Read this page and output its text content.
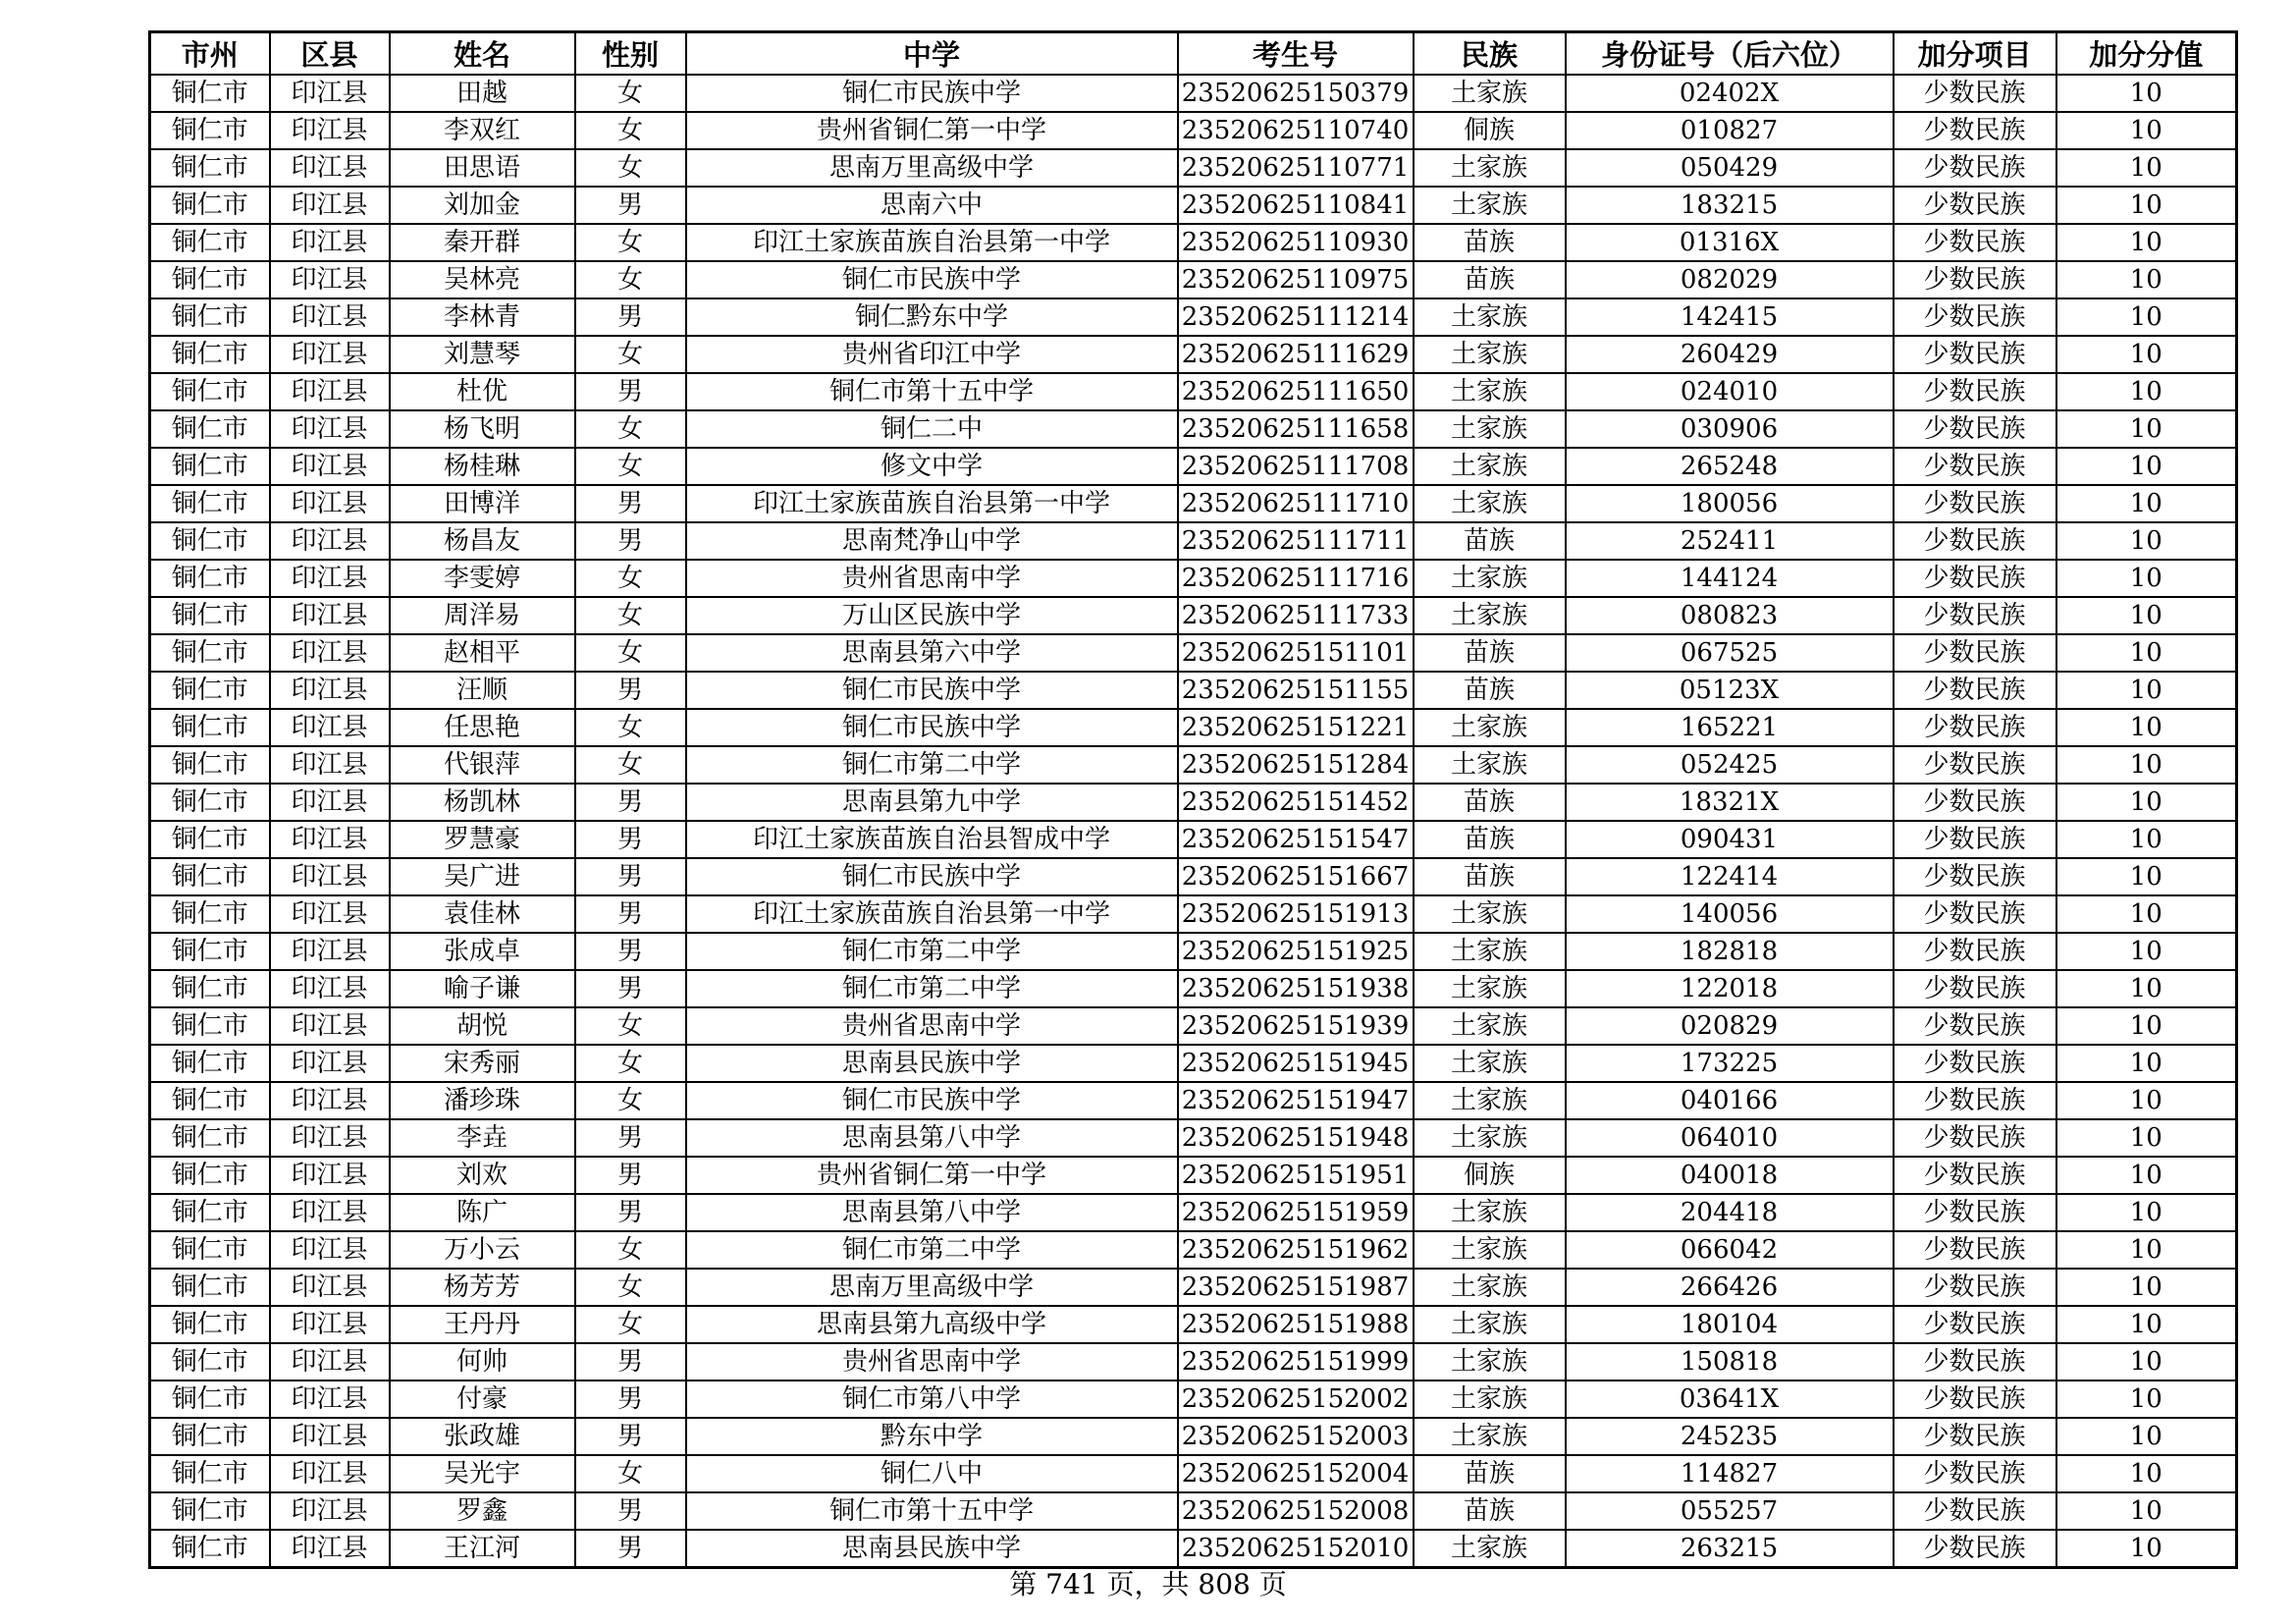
市州	区县	姓名	性别	中学	考生号	民族	身份证号（后六位）	加分项目	加分分值
铜仁市	印江县	田越	女	铜仁市民族中学	23520625150379	土家族	02402X	少数民族	10
铜仁市	印江县	李双红	女	贵州省铜仁第一中学	23520625110740	侗族	010827	少数民族	10
铜仁市	印江县	田思语	女	思南万里高级中学	23520625110771	土家族	050429	少数民族	10
铜仁市	印江县	刘加金	男	思南六中	23520625110841	土家族	183215	少数民族	10
铜仁市	印江县	秦开群	女	印江土家族苗族自治县第一中学	23520625110930	苗族	01316X	少数民族	10
铜仁市	印江县	吴林亮	女	铜仁市民族中学	23520625110975	苗族	082029	少数民族	10
铜仁市	印江县	李林青	男	铜仁黔东中学	23520625111214	土家族	142415	少数民族	10
铜仁市	印江县	刘慧琴	女	贵州省印江中学	23520625111629	土家族	260429	少数民族	10
铜仁市	印江县	杜优	男	铜仁市第十五中学	23520625111650	土家族	024010	少数民族	10
铜仁市	印江县	杨飞明	女	铜仁二中	23520625111658	土家族	030906	少数民族	10
铜仁市	印江县	杨桂琳	女	修文中学	23520625111708	土家族	265248	少数民族	10
铜仁市	印江县	田博洋	男	印江土家族苗族自治县第一中学	23520625111710	土家族	180056	少数民族	10
铜仁市	印江县	杨昌友	男	思南梵净山中学	23520625111711	苗族	252411	少数民族	10
铜仁市	印江县	李雯婷	女	贵州省思南中学	23520625111716	土家族	144124	少数民族	10
铜仁市	印江县	周洋易	女	万山区民族中学	23520625111733	土家族	080823	少数民族	10
铜仁市	印江县	赵相平	女	思南县第六中学	23520625151101	苗族	067525	少数民族	10
铜仁市	印江县	汪顺	男	铜仁市民族中学	23520625151155	苗族	05123X	少数民族	10
铜仁市	印江县	任思艳	女	铜仁市民族中学	23520625151221	土家族	165221	少数民族	10
铜仁市	印江县	代银萍	女	铜仁市第二中学	23520625151284	土家族	052425	少数民族	10
铜仁市	印江县	杨凯林	男	思南县第九中学	23520625151452	苗族	18321X	少数民族	10
铜仁市	印江县	罗慧豪	男	印江土家族苗族自治县智成中学	23520625151547	苗族	090431	少数民族	10
铜仁市	印江县	吴广进	男	铜仁市民族中学	23520625151667	苗族	122414	少数民族	10
铜仁市	印江县	袁佳林	男	印江土家族苗族自治县第一中学	23520625151913	土家族	140056	少数民族	10
铜仁市	印江县	张成卓	男	铜仁市第二中学	23520625151925	土家族	182818	少数民族	10
铜仁市	印江县	喻子谦	男	铜仁市第二中学	23520625151938	土家族	122018	少数民族	10
铜仁市	印江县	胡悦	女	贵州省思南中学	23520625151939	土家族	020829	少数民族	10
铜仁市	印江县	宋秀丽	女	思南县民族中学	23520625151945	土家族	173225	少数民族	10
铜仁市	印江县	潘珍珠	女	铜仁市民族中学	23520625151947	土家族	040166	少数民族	10
铜仁市	印江县	李垚	男	思南县第八中学	23520625151948	土家族	064010	少数民族	10
铜仁市	印江县	刘欢	男	贵州省铜仁第一中学	23520625151951	侗族	040018	少数民族	10
铜仁市	印江县	陈广	男	思南县第八中学	23520625151959	土家族	204418	少数民族	10
铜仁市	印江县	万小云	女	铜仁市第二中学	23520625151962	土家族	066042	少数民族	10
铜仁市	印江县	杨芳芳	女	思南万里高级中学	23520625151987	土家族	266426	少数民族	10
铜仁市	印江县	王丹丹	女	思南县第九高级中学	23520625151988	土家族	180104	少数民族	10
铜仁市	印江县	何帅	男	贵州省思南中学	23520625151999	土家族	150818	少数民族	10
铜仁市	印江县	付豪	男	铜仁市第八中学	23520625152002	土家族	03641X	少数民族	10
铜仁市	印江县	张政雄	男	黔东中学	23520625152003	土家族	245235	少数民族	10
铜仁市	印江县	吴光宇	女	铜仁八中	23520625152004	苗族	114827	少数民族	10
铜仁市	印江县	罗鑫	男	铜仁市第十五中学	23520625152008	苗族	055257	少数民族	10
铜仁市	印江县	王江河	男	思南县民族中学	23520625152010	土家族	263215	少数民族	10
第 741 页，共 808 页
